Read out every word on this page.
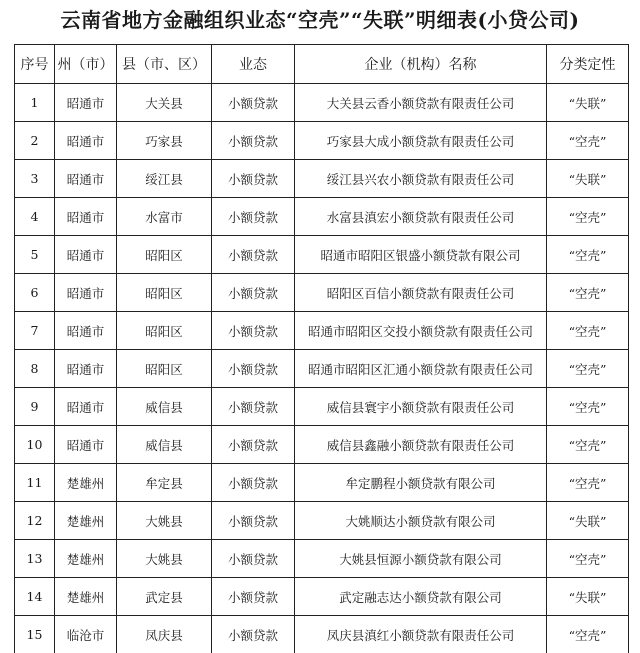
云南省地方金融组织业态“空壳”“失联”明细表(小贷公司)
序号	州（市）	县（市、区）	业态	企业（机构）名称	分类定性
1	昭通市	大关县	小额贷款	大关县云香小额贷款有限责任公司	“失联”
2	昭通市	巧家县	小额贷款	巧家县大成小额贷款有限责任公司	“空壳”
3	昭通市	绥江县	小额贷款	绥江县兴农小额贷款有限责任公司	“失联”
4	昭通市	水富市	小额贷款	水富县滇宏小额贷款有限责任公司	“空壳”
5	昭通市	昭阳区	小额贷款	昭通市昭阳区银盛小额贷款有限公司	“空壳”
6	昭通市	昭阳区	小额贷款	昭阳区百信小额贷款有限责任公司	“空壳”
7	昭通市	昭阳区	小额贷款	昭通市昭阳区交投小额贷款有限责任公司	“空壳”
8	昭通市	昭阳区	小额贷款	昭通市昭阳区汇通小额贷款有限责任公司	“空壳”
9	昭通市	威信县	小额贷款	威信县寰宇小额贷款有限责任公司	“空壳”
10	昭通市	威信县	小额贷款	威信县鑫融小额贷款有限责任公司	“空壳”
11	楚雄州	牟定县	小额贷款	牟定鹏程小额贷款有限公司	“空壳”
12	楚雄州	大姚县	小额贷款	大姚顺达小额贷款有限公司	“失联”
13	楚雄州	大姚县	小额贷款	大姚县恒源小额贷款有限公司	“空壳”
14	楚雄州	武定县	小额贷款	武定融志达小额贷款有限公司	“失联”
15	临沧市	凤庆县	小额贷款	凤庆县滇红小额贷款有限责任公司	“空壳”
